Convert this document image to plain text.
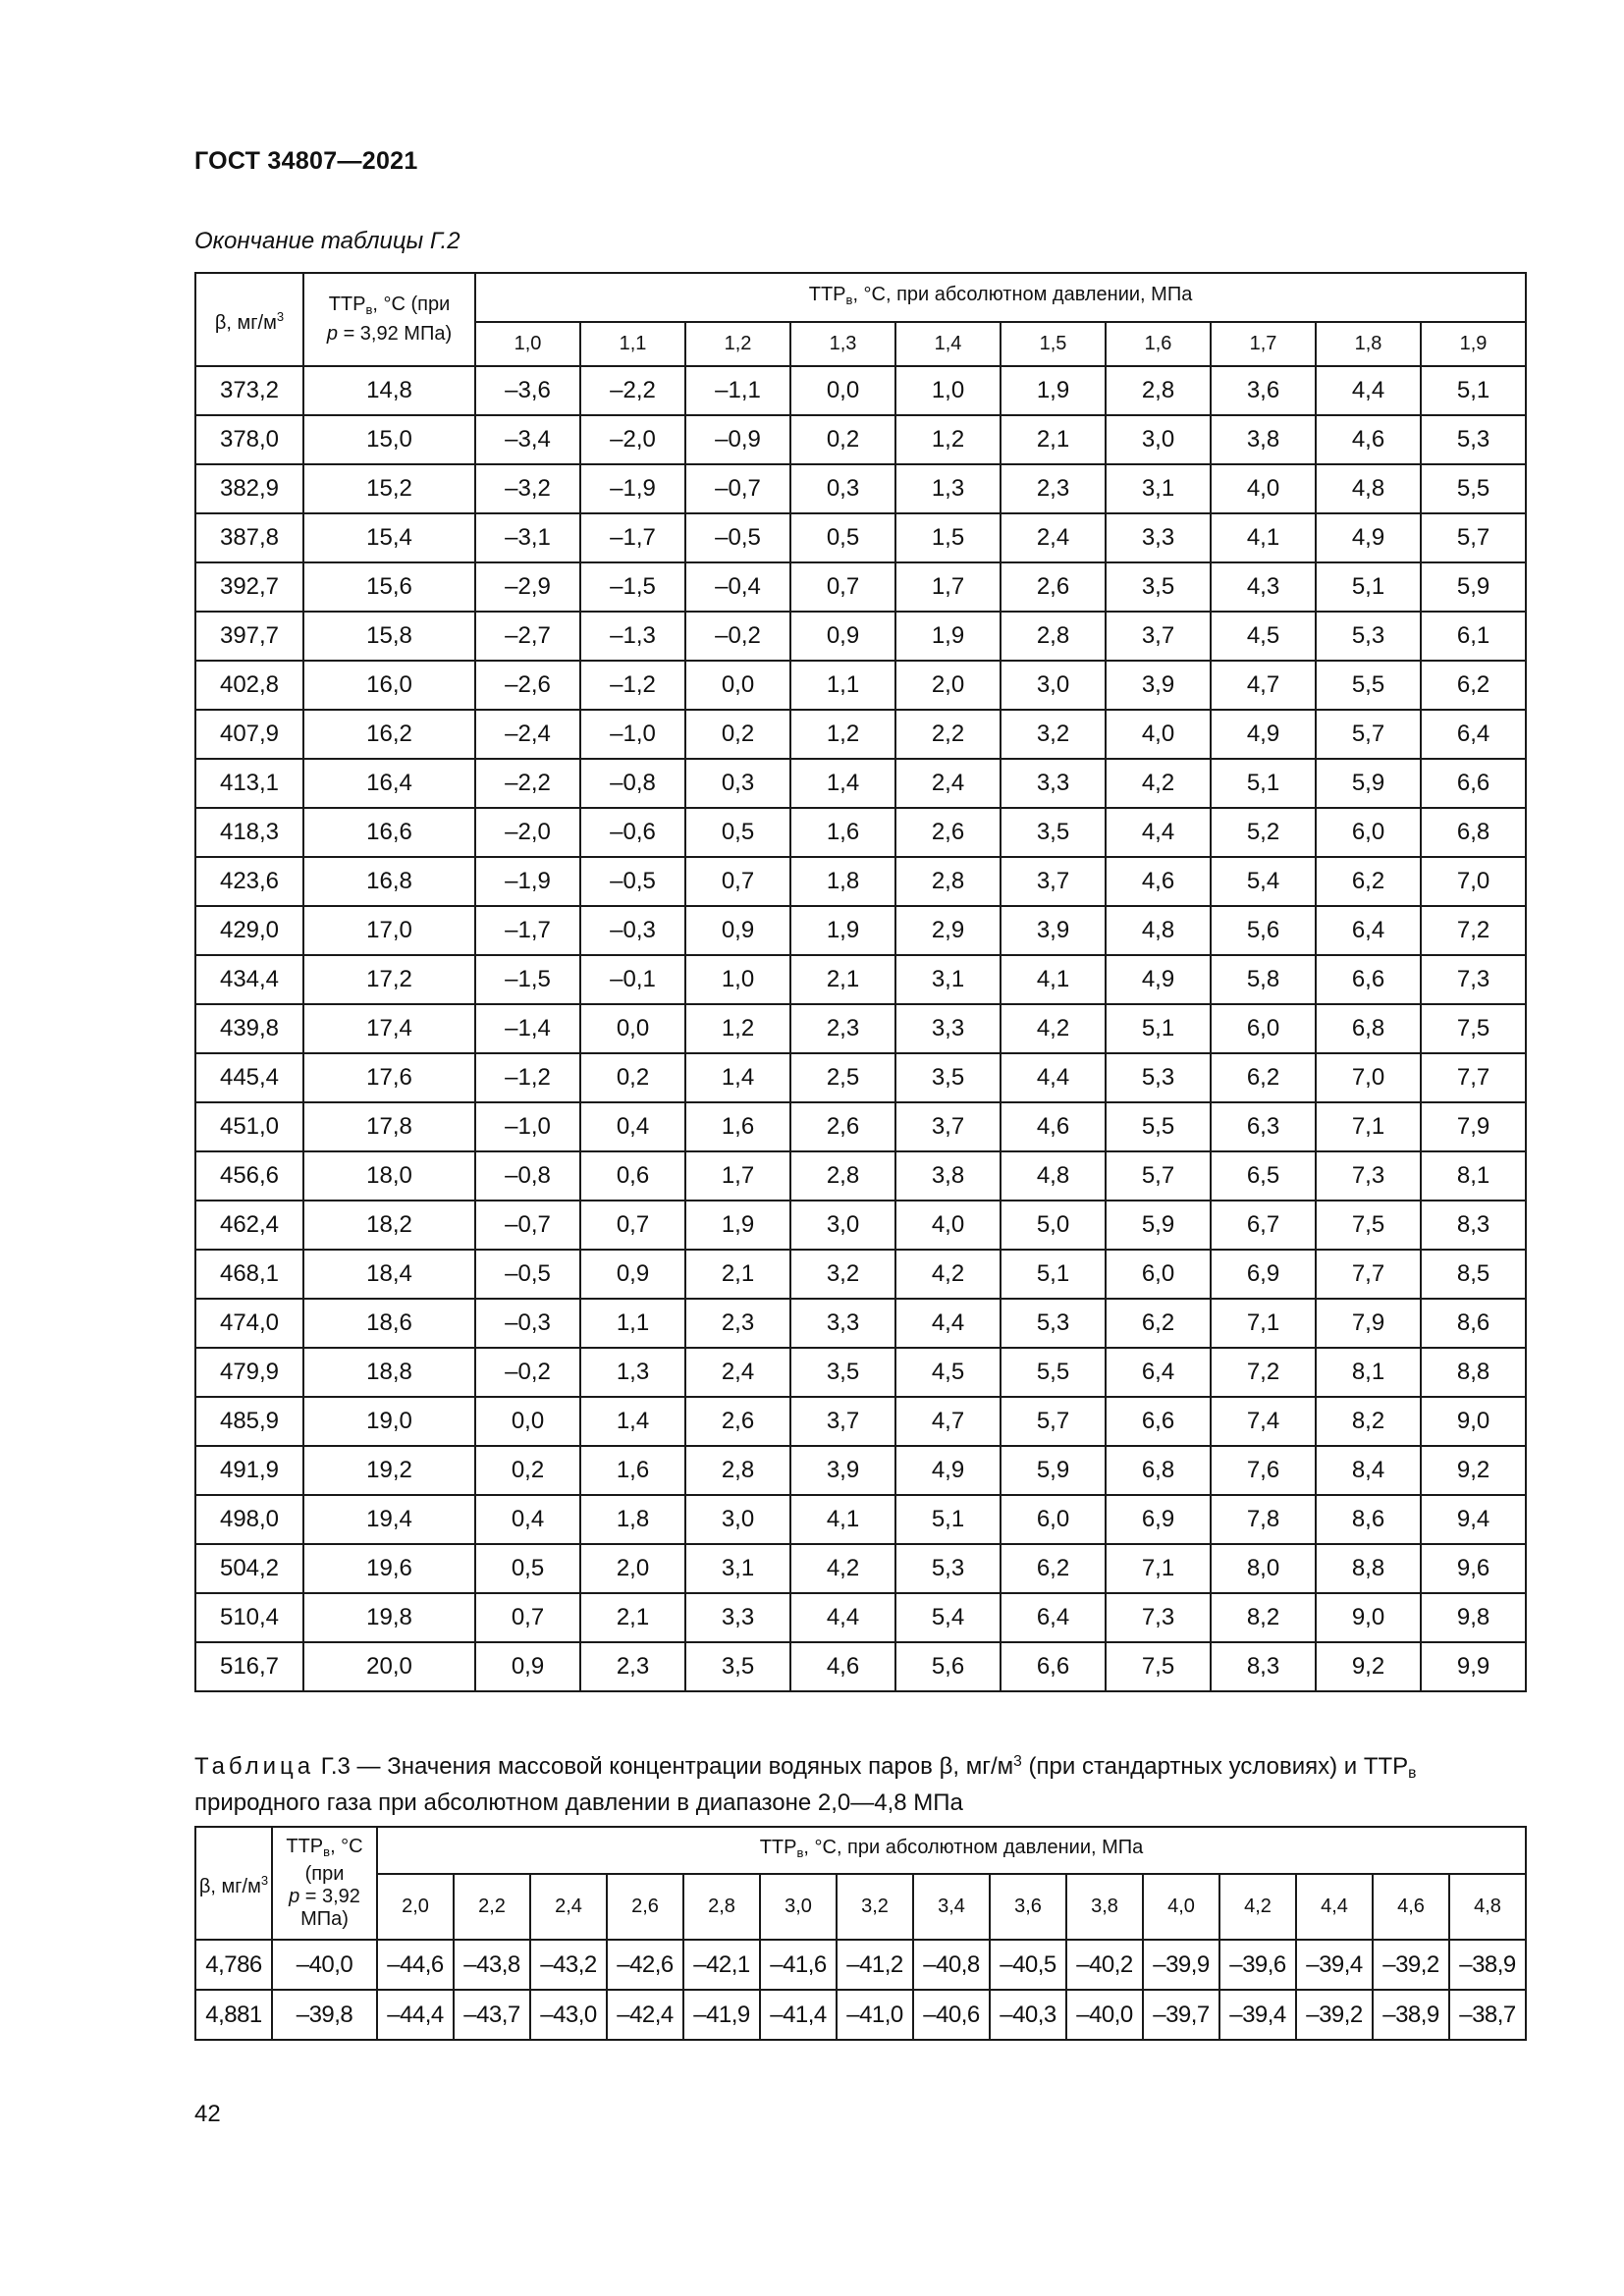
ГОСТ 34807—2021
Окончание таблицы Г.2
β, $мг/м^3$	$ТТР_в$, °С (при
p = 3,92 МПа)	$ТТР_в$, °С, при абсолютном давлении, МПа									
		1,0	1,1	1,2	1,3	1,4	1,5	1,6	1,7	1,8	1,9
373,2	14,8	–3,6	–2,2	–1,1	0,0	1,0	1,9	2,8	3,6	4,4	5,1
378,0	15,0	–3,4	–2,0	–0,9	0,2	1,2	2,1	3,0	3,8	4,6	5,3
382,9	15,2	–3,2	–1,9	–0,7	0,3	1,3	2,3	3,1	4,0	4,8	5,5
387,8	15,4	–3,1	–1,7	–0,5	0,5	1,5	2,4	3,3	4,1	4,9	5,7
392,7	15,6	–2,9	–1,5	–0,4	0,7	1,7	2,6	3,5	4,3	5,1	5,9
397,7	15,8	–2,7	–1,3	–0,2	0,9	1,9	2,8	3,7	4,5	5,3	6,1
402,8	16,0	–2,6	–1,2	0,0	1,1	2,0	3,0	3,9	4,7	5,5	6,2
407,9	16,2	–2,4	–1,0	0,2	1,2	2,2	3,2	4,0	4,9	5,7	6,4
413,1	16,4	–2,2	–0,8	0,3	1,4	2,4	3,3	4,2	5,1	5,9	6,6
418,3	16,6	–2,0	–0,6	0,5	1,6	2,6	3,5	4,4	5,2	6,0	6,8
423,6	16,8	–1,9	–0,5	0,7	1,8	2,8	3,7	4,6	5,4	6,2	7,0
429,0	17,0	–1,7	–0,3	0,9	1,9	2,9	3,9	4,8	5,6	6,4	7,2
434,4	17,2	–1,5	–0,1	1,0	2,1	3,1	4,1	4,9	5,8	6,6	7,3
439,8	17,4	–1,4	0,0	1,2	2,3	3,3	4,2	5,1	6,0	6,8	7,5
445,4	17,6	–1,2	0,2	1,4	2,5	3,5	4,4	5,3	6,2	7,0	7,7
451,0	17,8	–1,0	0,4	1,6	2,6	3,7	4,6	5,5	6,3	7,1	7,9
456,6	18,0	–0,8	0,6	1,7	2,8	3,8	4,8	5,7	6,5	7,3	8,1
462,4	18,2	–0,7	0,7	1,9	3,0	4,0	5,0	5,9	6,7	7,5	8,3
468,1	18,4	–0,5	0,9	2,1	3,2	4,2	5,1	6,0	6,9	7,7	8,5
474,0	18,6	–0,3	1,1	2,3	3,3	4,4	5,3	6,2	7,1	7,9	8,6
479,9	18,8	–0,2	1,3	2,4	3,5	4,5	5,5	6,4	7,2	8,1	8,8
485,9	19,0	0,0	1,4	2,6	3,7	4,7	5,7	6,6	7,4	8,2	9,0
491,9	19,2	0,2	1,6	2,8	3,9	4,9	5,9	6,8	7,6	8,4	9,2
498,0	19,4	0,4	1,8	3,0	4,1	5,1	6,0	6,9	7,8	8,6	9,4
504,2	19,6	0,5	2,0	3,1	4,2	5,3	6,2	7,1	8,0	8,8	9,6
510,4	19,8	0,7	2,1	3,3	4,4	5,4	6,4	7,3	8,2	9,0	9,8
516,7	20,0	0,9	2,3	3,5	4,6	5,6	6,6	7,5	8,3	9,2	9,9
Таблица Г.3 — Значения массовой концентрации водяных паров β, $мг/м^3$ (при стандартных условиях) и $ТТР_в$ природного газа при абсолютном давлении в диапазоне 2,0—4,8 МПа
β, $мг/м^3$	$ТТР_в$, °С (при
p = 3,92 МПа)	$ТТР_в$, °С, при абсолютном давлении, МПа														
		2,0	2,2	2,4	2,6	2,8	3,0	3,2	3,4	3,6	3,8	4,0	4,2	4,4	4,6	4,8
4,786	–40,0	–44,6	–43,8	–43,2	–42,6	–42,1	–41,6	–41,2	–40,8	–40,5	–40,2	–39,9	–39,6	–39,4	–39,2	–38,9
4,881	–39,8	–44,4	–43,7	–43,0	–42,4	–41,9	–41,4	–41,0	–40,6	–40,3	–40,0	–39,7	–39,4	–39,2	–38,9	–38,7
42
